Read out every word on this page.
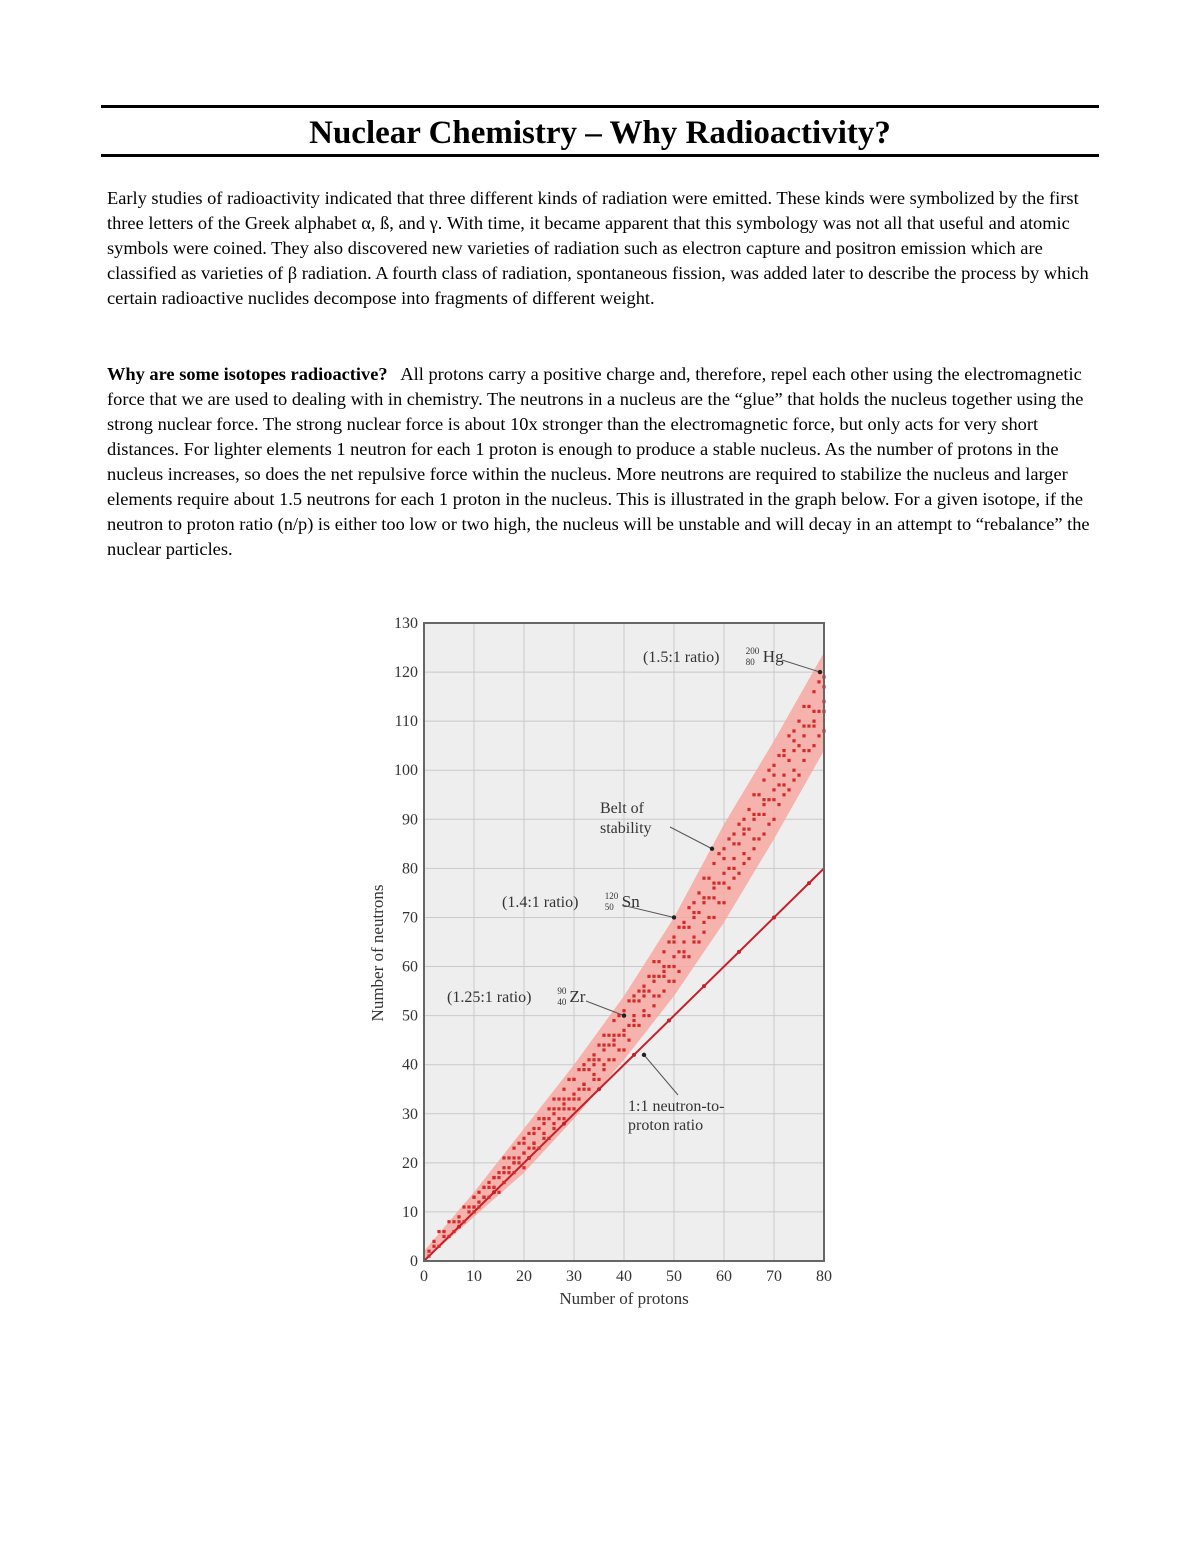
Nuclear Chemistry – Why Radioactivity?

Early studies of radioactivity indicated that three different kinds of radiation were emitted. These kinds were symbolized by the first three letters of the Greek alphabet α, ß, and γ. With time, it became apparent that this symbology was not all that useful and atomic symbols were coined. They also discovered new varieties of radiation such as electron capture and positron emission which are classified as varieties of β radiation. A fourth class of radiation, spontaneous fission, was added later to describe the process by which certain radioactive nuclides decompose into fragments of different weight.

Why are some isotopes radioactive? All protons carry a positive charge and, therefore, repel each other using the electromagnetic force that we are used to dealing with in chemistry. The neutrons in a nucleus are the “glue” that holds the nucleus together using the strong nuclear force. The strong nuclear force is about 10x stronger than the electromagnetic force, but only acts for very short distances. For lighter elements 1 neutron for each 1 proton is enough to produce a stable nucleus. As the number of protons in the nucleus increases, so does the net repulsive force within the nucleus. More neutrons are required to stabilize the nucleus and larger elements require about 1.5 neutrons for each 1 proton in the nucleus. This is illustrated in the graph below. For a given isotope, if the neutron to proton ratio (n/p) is either too low or two high, the nucleus will be unstable and will decay in an attempt to “rebalance” the nuclear particles.

0 10 20 30 40 50 60 70 80
0
10
20
30
40
50
60
70
80
90
100
110
120
130
(1.5:1 ratio)	200
80 Hg
(1.4:1 ratio)	120
50 Sn
(1.25:1 ratio)	90
40 Zr
Belt of
stability
1:1 neutron-to-
proton ratio
Number of protons
Number of neutrons
